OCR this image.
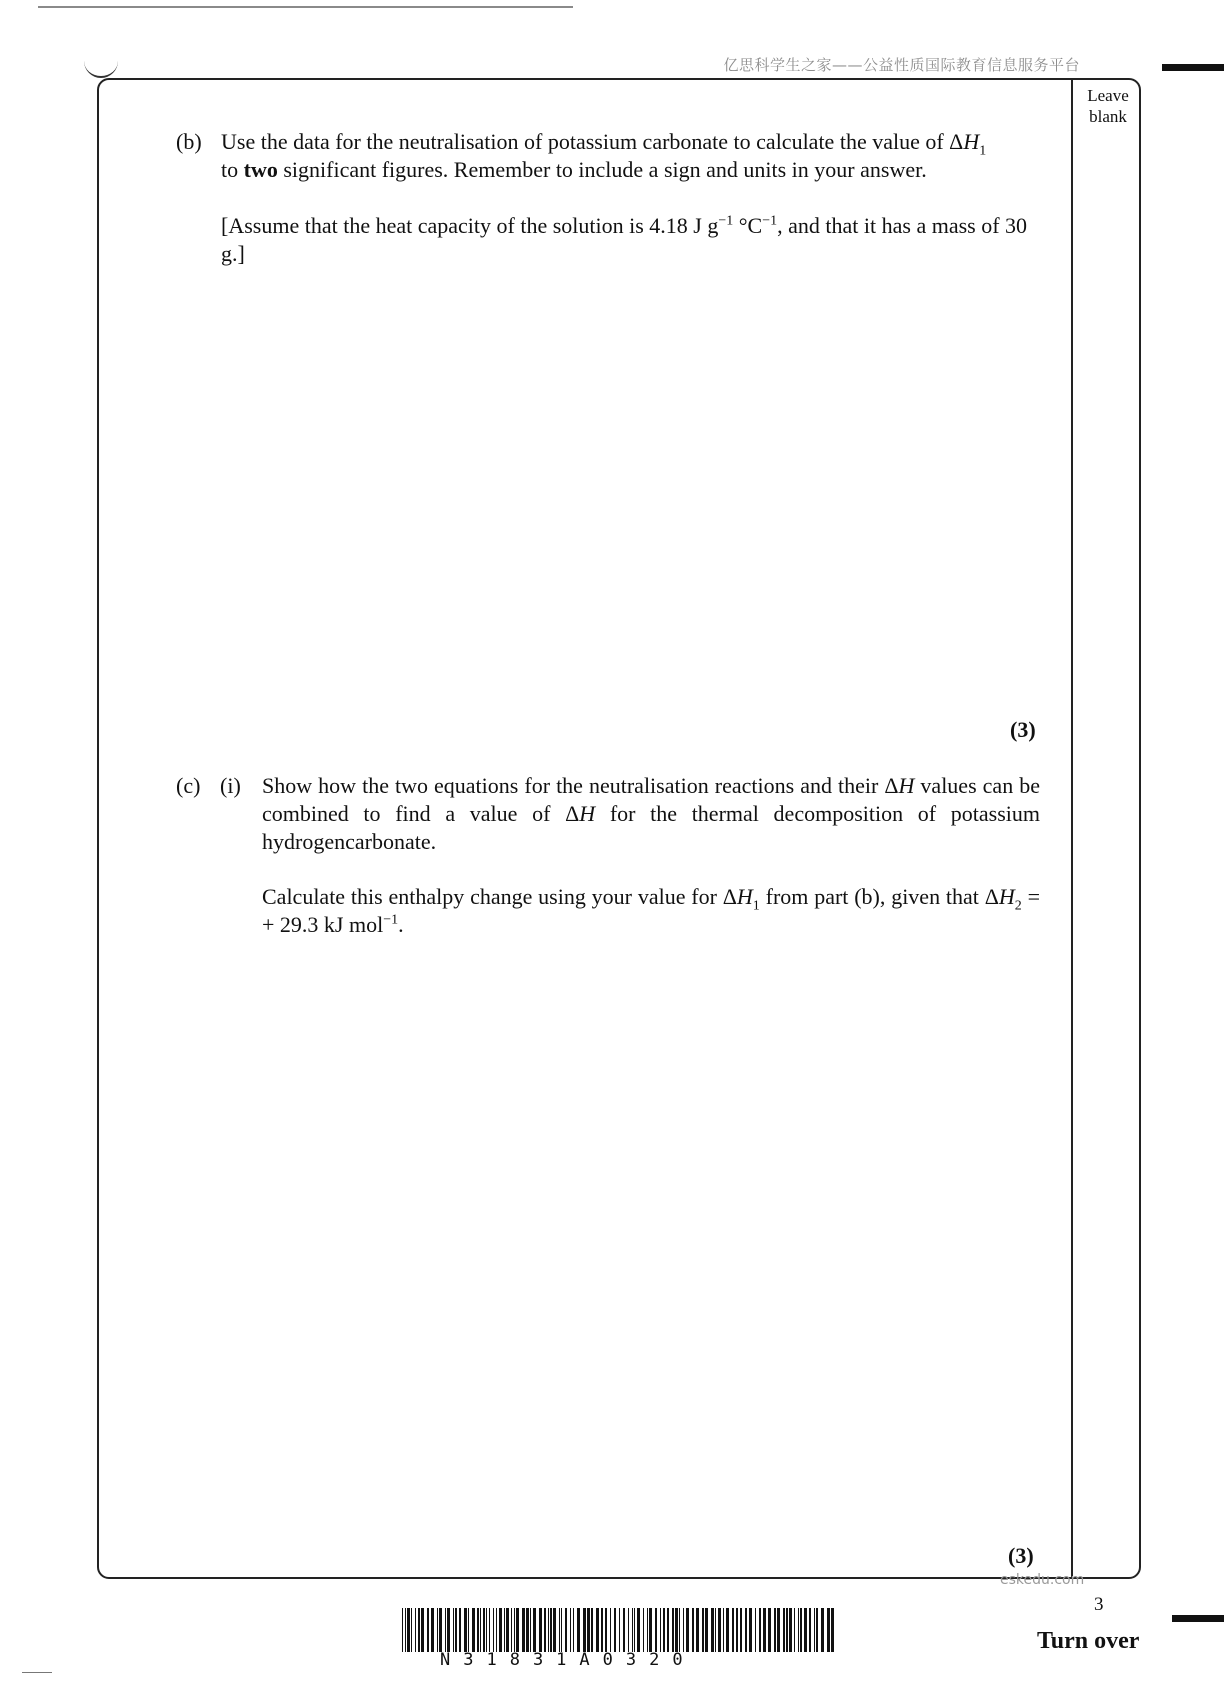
亿思科学生之家——公益性质国际教育信息服务平台
Leave
blank
(b) Use the data for the neutralisation of potassium carbonate to calculate the value of $\Delta H_1$
to two significant figures. Remember to include a sign and units in your answer.
[Assume that the heat capacity of the solution is 4.18 J $g^{-1}$ $^\circ C^{-1}$, and that it has a mass of 30 g.]
(3)
(c) (i) Show how the two equations for the neutralisation reactions and their ΔH values can be combined to find a value of ΔH for the thermal decomposition of potassium hydrogencarbonate.
Calculate this enthalpy change using your value for $\Delta H_1$ from part (b), given that $\Delta H_2$ = + 29.3 kJ mol$^{-1}$.
(3)
eskedu.com
3
Turn over
N31831A0320
